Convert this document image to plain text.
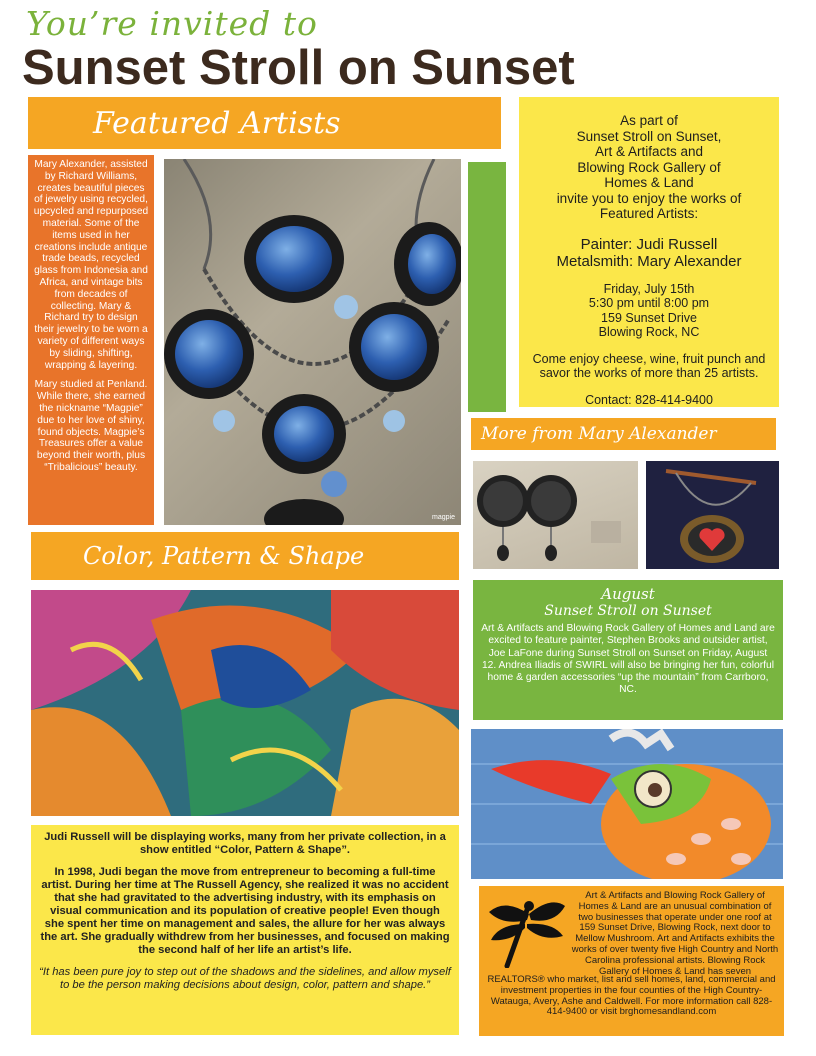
You’re invited to
Sunset Stroll on Sunset
Featured Artists

Mary Alexander, assisted by Richard Williams, creates beautiful pieces of jewelry using recycled, upcycled and repurposed material. Some of the items used in her creations include antique trade beads, recycled glass from Indonesia and Africa, and vintage bits from decades of collecting. Mary & Richard try to design their jewelry to be worn a variety of different ways by sliding, shifting, wrapping & layering.

Mary studied at Penland. While there, she earned the nickname “Magpie” due to her love of shiny, found objects. Magpie’s Treasures offer a value beyond their worth, plus “Tribalicious” beauty.

magpie
As part of
Sunset Stroll on Sunset,
Art & Artifacts and
Blowing Rock Gallery of
Homes & Land
invite you to enjoy the works of
Featured Artists:
Painter: Judi Russell
Metalsmith: Mary Alexander
Friday, July 15th
5:30 pm until 8:00 pm
159 Sunset Drive
Blowing Rock, NC
Come enjoy cheese, wine, fruit punch and savor the works of more than 25 artists.
Contact: 828-414-9400
More from Mary Alexander
Color, Pattern & Shape
August
Sunset Stroll on Sunset
Art & Artifacts and Blowing Rock Gallery of Homes and Land are excited to feature painter, Stephen Brooks and outsider artist, Joe LaFone during Sunset Stroll on Sunset on Friday, August 12. Andrea Iliadis of SWIRL will also be bringing her fun, colorful home & garden accessories “up the mountain” from Carrboro, NC.

Judi Russell will be displaying works, many from her private collection, in a show entitled “Color, Pattern & Shape”.

In 1998, Judi began the move from entrepreneur to becoming a full-time artist. During her time at The Russell Agency, she realized it was no accident that she had gravitated to the advertising industry, with its emphasis on visual communication and its population of creative people! Even though she spent her time on management and sales, the allure for her was always the art. She gradually withdrew from her businesses, and focused on making the second half of her life an artist’s life.

“It has been pure joy to step out of the shadows and the sidelines, and allow myself to be the person making decisions about design, color, pattern and shape.”

Art & Artifacts and Blowing Rock Gallery of Homes & Land are an unusual combination of two businesses that operate under one roof at 159 Sunset Drive, Blowing Rock, next door to Mellow Mushroom. Art and Artifacts exhibits the works of over twenty five High Country and North Carolina professional artists. Blowing Rock Gallery of Homes & Land has seven
REALTORS® who market, list and sell homes, land, commercial and investment properties in the four counties of the High Country-Watauga, Avery, Ashe and Caldwell. For more information call 828-414-9400 or visit brghomesandland.com
